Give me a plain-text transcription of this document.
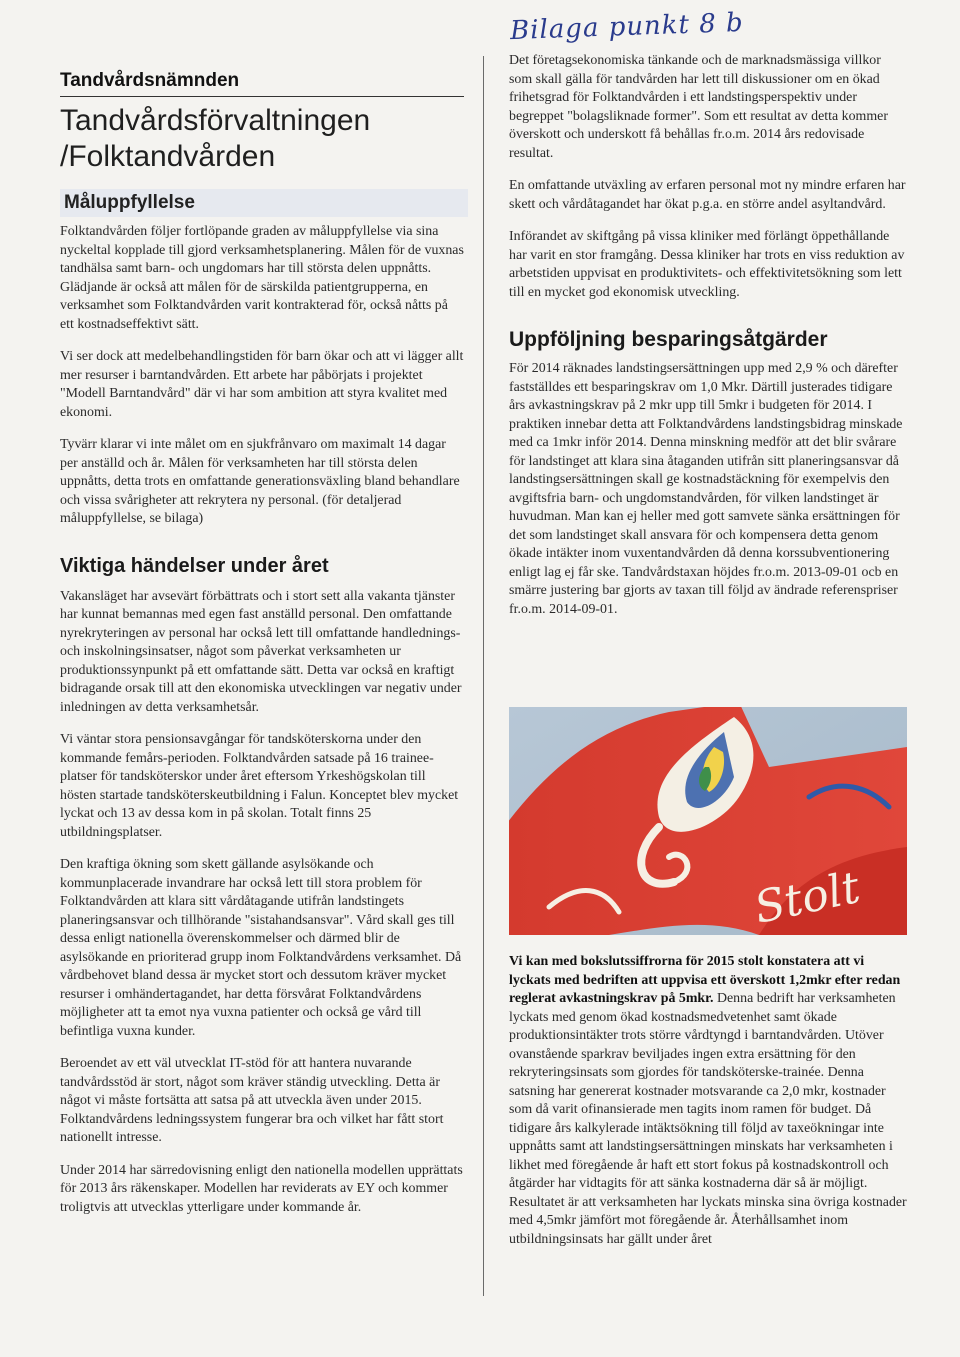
Bilaga punkt 8 b
Tandvårdsnämnden
Tandvårdsförvaltningen
/Folktandvården
Måluppfyllelse

Folktandvården följer fortlöpande graden av måluppfyllelse via sina nyckeltal kopplade till gjord verksamhetsplanering. Målen för de vuxnas tandhälsa samt barn- och ungdomars har till största delen uppnåtts. Glädjande är också att målen för de särskilda patientgrupperna, en verksamhet som Folktandvården varit kontrakterad för, också nåtts på ett kostnadseffektivt sätt.

Vi ser dock att medelbehandlingstiden för barn ökar och att vi lägger allt mer resurser i barntandvården. Ett arbete har påbörjats i projektet "Modell Barntandvård" där vi har som ambition att styra kvalitet med ekonomi.

Tyvärr klarar vi inte målet om en sjukfrånvaro om maximalt 14 dagar per anställd och år. Målen för verksamheten har till största delen uppnåtts, detta trots en omfattande generationsväxling bland behandlare och vissa svårigheter att rekrytera ny personal. (för detaljerad måluppfyllelse, se bilaga)

Viktiga händelser under året

Vakansläget har avsevärt förbättrats och i stort sett alla vakanta tjänster har kunnat bemannas med egen fast anställd personal. Den omfattande nyrekryteringen av personal har också lett till omfattande handlednings- och inskolningsinsatser, något som påverkat verksamheten ur produktionssynpunkt på ett omfattande sätt. Detta var också en kraftigt bidragande orsak till att den ekonomiska utvecklingen var negativ under inledningen av detta verksamhetsår.

Vi väntar stora pensionsavgångar för tandsköterskorna under den kommande femårs-perioden. Folktandvården satsade på 16 trainee-platser för tandsköterskor under året eftersom Yrkeshögskolan till hösten startade tandsköterskeutbildning i Falun. Konceptet blev mycket lyckat och 13 av dessa kom in på skolan. Totalt finns 25 utbildningsplatser.

Den kraftiga ökning som skett gällande asylsökande och kommunplacerade invandrare har också lett till stora problem för Folktandvården att klara sitt vårdåtagande utifrån landstingets planeringsansvar och tillhörande "sistahandsansvar". Vård skall ges till dessa enligt nationella överenskommelser och därmed blir de asylsökande en prioriterad grupp inom Folktandvårdens verksamhet. Då vårdbehovet bland dessa är mycket stort och dessutom kräver mycket resurser i omhändertagandet, har detta försvårat Folktandvårdens möjligheter att ta emot nya vuxna patienter och också ge vård till befintliga vuxna kunder.

Beroendet av ett väl utvecklat IT-stöd för att hantera nuvarande tandvårdsstöd är stort, något som kräver ständig utveckling. Detta är något vi måste fortsätta att satsa på att utveckla även under 2015. Folktandvårdens ledningssystem fungerar bra och vilket har fått stort nationellt intresse.

Under 2014 har särredovisning enligt den nationella modellen upprättats för 2013 års räkenskaper. Modellen har reviderats av EY och kommer troligtvis att utvecklas ytterligare under kommande år.

Det företagsekonomiska tänkande och de marknadsmässiga villkor som skall gälla för tandvården har lett till diskussioner om en ökad frihetsgrad för Folktandvården i ett landstingsperspektiv under begreppet "bolagsliknade former". Som ett resultat av detta kommer överskott och underskott få behållas fr.o.m. 2014 års redovisade resultat.

En omfattande utväxling av erfaren personal mot ny mindre erfaren har skett och vårdåtagandet har ökat p.g.a. en större andel asyltandvård.

Införandet av skiftgång på vissa kliniker med förlängt öppethållande har varit en stor framgång. Dessa kliniker har trots en viss reduktion av arbetstiden uppvisat en produktivitets- och effektivitetsökning som lett till en mycket god ekonomisk utveckling.

Uppföljning besparingsåtgärder

För 2014 räknades landstingsersättningen upp med 2,9 % och därefter fastställdes ett besparingskrav om 1,0 Mkr. Därtill justerades tidigare års avkastningskrav på 2 mkr upp till 5mkr i budgeten för 2014. I praktiken innebar detta att Folktandvårdens landstingsbidrag minskade med ca 1mkr inför 2014. Denna minskning medför att det blir svårare för landstinget att klara sina åtaganden utifrån sitt planeringsansvar då landstingsersättningen skall ge kostnadstäckning för exempelvis den avgiftsfria barn- och ungdomstandvården, för vilken landstinget är huvudman. Man kan ej heller med gott samvete sänka ersättningen för det som landstinget skall ansvara för och kompensera detta genom ökade intäkter inom vuxentandvården då denna korssubventionering enligt lag ej får ske. Tandvårdstaxan höjdes fr.o.m. 2013-09-01 ocb en smärre justering bar gjorts av taxan till följd av ändrade referenspriser fr.o.m. 2014-09-01.

Stolt

Vi kan med bokslutssiffrorna för 2015 stolt konstatera att vi lyckats med bedriften att uppvisa ett överskott 1,2mkr efter redan reglerat avkastningskrav på 5mkr. Denna bedrift har verksamheten lyckats med genom ökad kostnadsmedvetenhet samt ökade produktionsintäkter trots större vårdtyngd i barntandvården. Utöver ovanstående sparkrav beviljades ingen extra ersättning för den rekryteringsinsats som gjordes för tandsköterske-trainée. Denna satsning har genererat kostnader motsvarande ca 2,0 mkr, kostnader som då varit ofinansierade men tagits inom ramen för budget. Då tidigare års kalkylerade intäktsökning till följd av taxeökningar inte uppnåtts samt att landstingsersättningen minskats har verksamheten i likhet med föregående år haft ett stort fokus på kostnadskontroll och åtgärder har vidtagits för att sänka kostnaderna där så är möjligt. Resultatet är att verksamheten har lyckats minska sina övriga kostnader med 4,5mkr jämfört mot föregående år. Återhållsamhet inom utbildningsinsats har gällt under året
